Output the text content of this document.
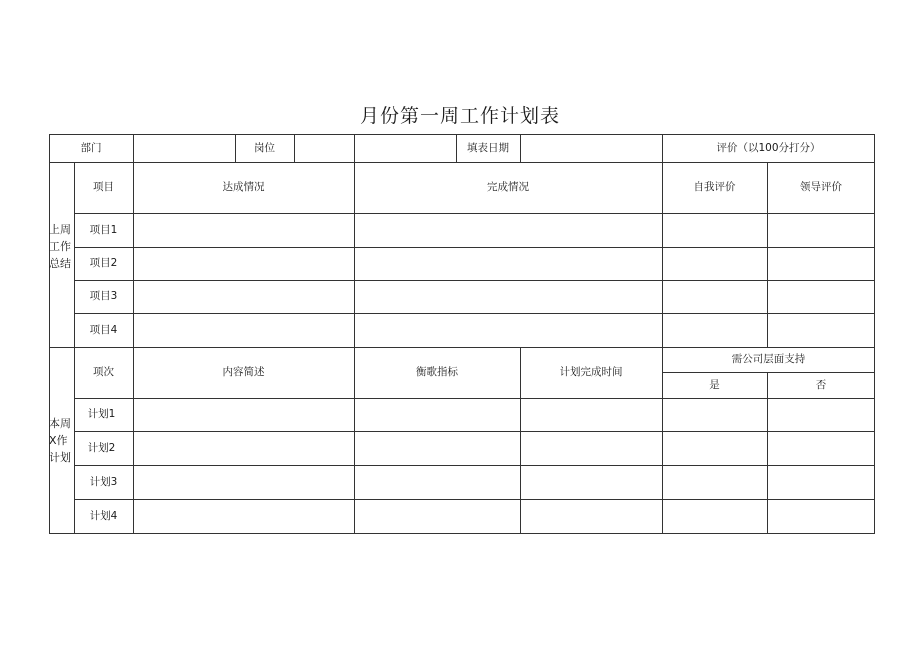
月份第一周工作计划表
部门	岗位	填表日期	评价（以100分打分）
上周工作总结
项目	达成情况	完成情况	自我评价	领导评价
项目1
项目2
项目3
项目4
本周X作计划
项次	内容简述	衡歌指标	计划完成时间
需公司层面支持
是	否
计划1
计划2
计划3
计划4
